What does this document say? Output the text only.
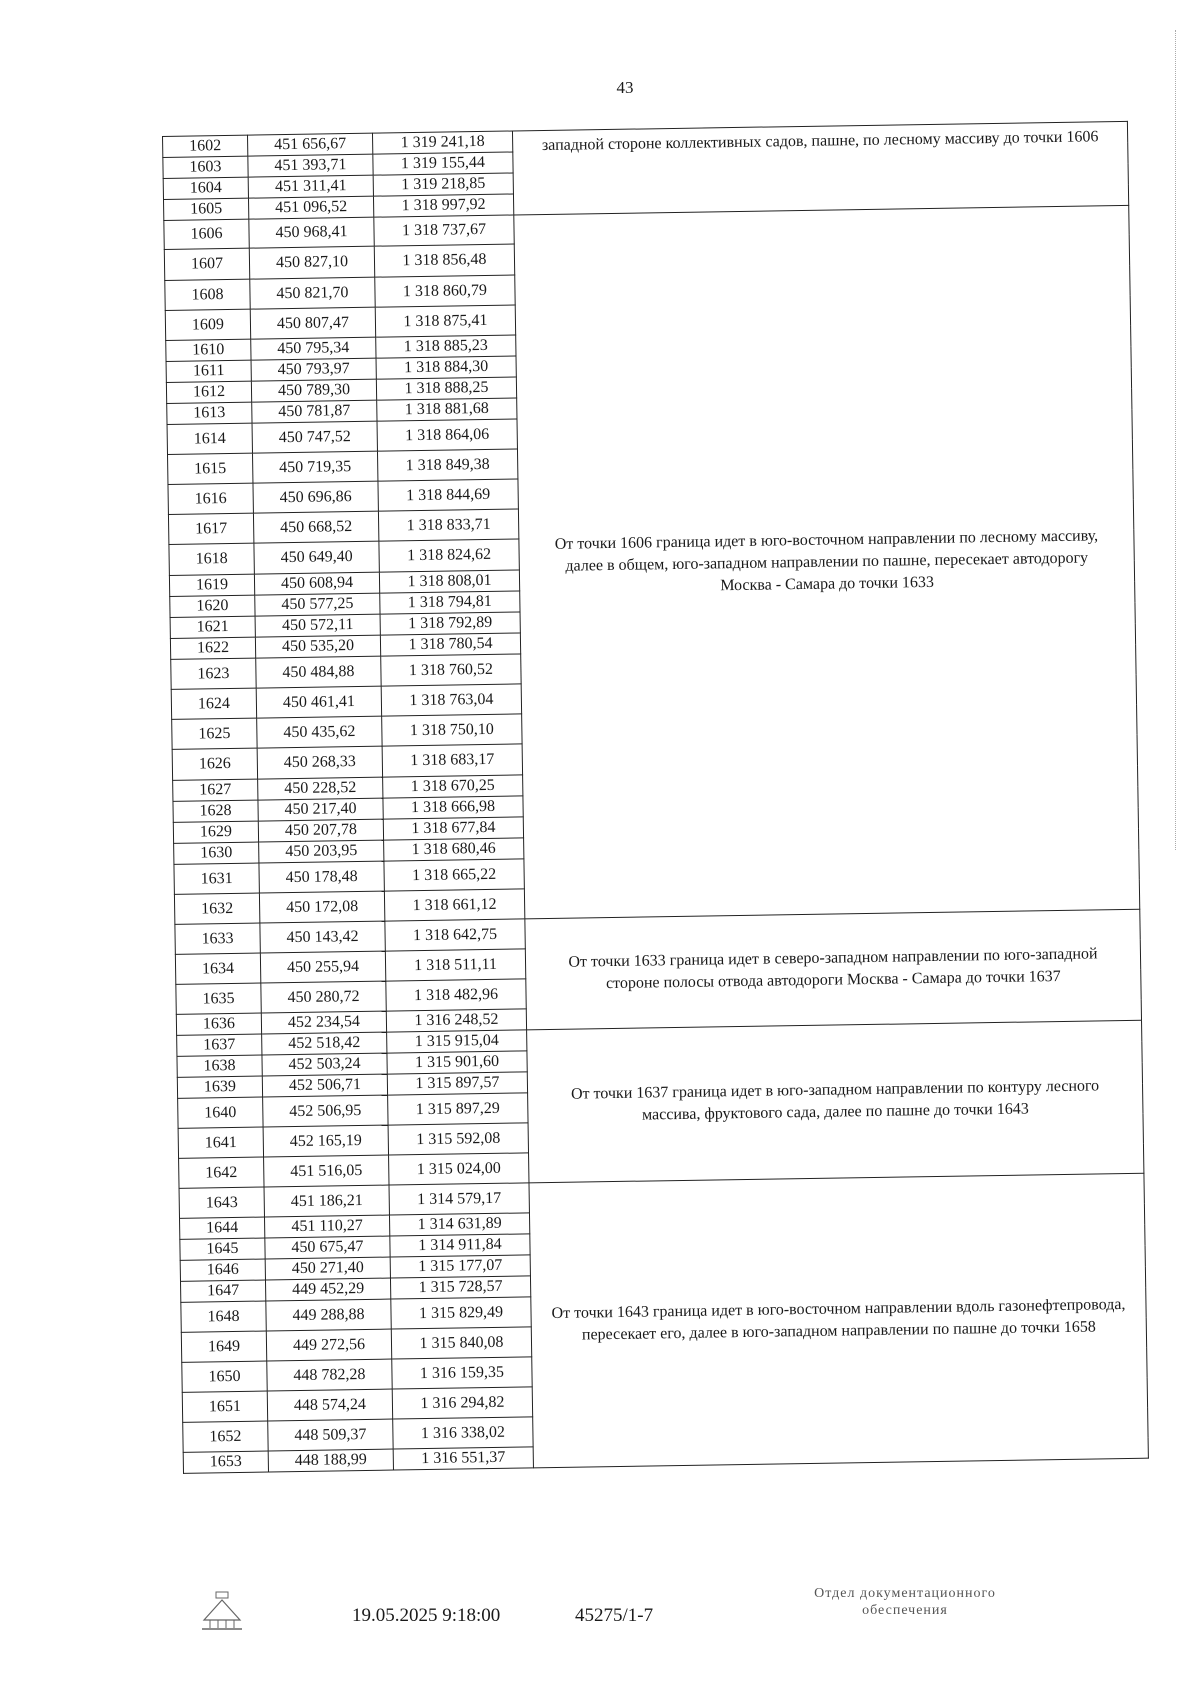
43
1602	451 656,67	1 319 241,18	западной стороне коллективных садов, пашне, по лесному массиву до точки 1606
1603	451 393,71	1 319 155,44	
1604	451 311,41	1 319 218,85	
1605	451 096,52	1 318 997,92	
1606	450 968,41	1 318 737,67	От точки 1606 граница идет в юго-восточном направлении по лесному массиву, далее в общем, юго-западном направлении по пашне, пересекает автодорогу Москва - Самара до точки 1633
1607	450 827,10	1 318 856,48	
1608	450 821,70	1 318 860,79	
1609	450 807,47	1 318 875,41	
1610	450 795,34	1 318 885,23	
1611	450 793,97	1 318 884,30	
1612	450 789,30	1 318 888,25	
1613	450 781,87	1 318 881,68	
1614	450 747,52	1 318 864,06	
1615	450 719,35	1 318 849,38	
1616	450 696,86	1 318 844,69	
1617	450 668,52	1 318 833,71	
1618	450 649,40	1 318 824,62	
1619	450 608,94	1 318 808,01	
1620	450 577,25	1 318 794,81	
1621	450 572,11	1 318 792,89	
1622	450 535,20	1 318 780,54	
1623	450 484,88	1 318 760,52	
1624	450 461,41	1 318 763,04	
1625	450 435,62	1 318 750,10	
1626	450 268,33	1 318 683,17	
1627	450 228,52	1 318 670,25	
1628	450 217,40	1 318 666,98	
1629	450 207,78	1 318 677,84	
1630	450 203,95	1 318 680,46	
1631	450 178,48	1 318 665,22	
1632	450 172,08	1 318 661,12	
1633	450 143,42	1 318 642,75	От точки 1633 граница идет в северо-западном направлении по юго-западной стороне полосы отвода автодороги Москва - Самара до точки 1637
1634	450 255,94	1 318 511,11	
1635	450 280,72	1 318 482,96	
1636	452 234,54	1 316 248,52	
1637	452 518,42	1 315 915,04	От точки 1637 граница идет в юго-западном направлении по контуру лесного массива, фруктового сада, далее по пашне до точки 1643
1638	452 503,24	1 315 901,60	
1639	452 506,71	1 315 897,57	
1640	452 506,95	1 315 897,29	
1641	452 165,19	1 315 592,08	
1642	451 516,05	1 315 024,00	
1643	451 186,21	1 314 579,17	От точки 1643 граница идет в юго-восточном направлении вдоль газонефтепровода, пересекает его, далее в юго-западном направлении по пашне до точки 1658
1644	451 110,27	1 314 631,89	
1645	450 675,47	1 314 911,84	
1646	450 271,40	1 315 177,07	
1647	449 452,29	1 315 728,57	
1648	449 288,88	1 315 829,49	
1649	449 272,56	1 315 840,08	
1650	448 782,28	1 316 159,35	
1651	448 574,24	1 316 294,82	
1652	448 509,37	1 316 338,02	
1653	448 188,99	1 316 551,37	
19.05.2025 9:18:00	45275/1-7
Отдел документационного
обеспечения
